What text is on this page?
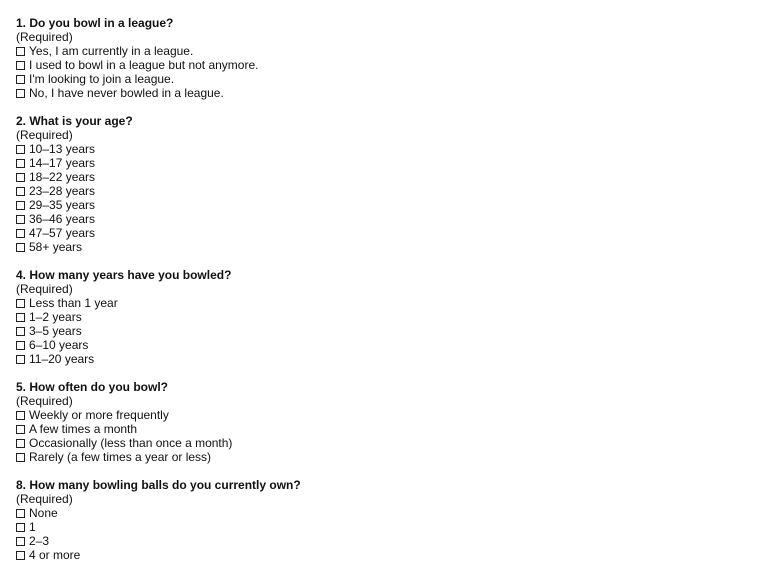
1. Do you bowl in a league?
(Required)
Yes, I am currently in a league.
I used to bowl in a league but not anymore.
I'm looking to join a league.
No, I have never bowled in a league.
2. What is your age?
(Required)
10–13 years
14–17 years
18–22 years
23–28 years
29–35 years
36–46 years
47–57 years
58+ years
4. How many years have you bowled?
(Required)
Less than 1 year
1–2 years
3–5 years
6–10 years
11–20 years
5. How often do you bowl?
(Required)
Weekly or more frequently
A few times a month
Occasionally (less than once a month)
Rarely (a few times a year or less)
8. How many bowling balls do you currently own?
(Required)
None
1
2–3
4 or more
